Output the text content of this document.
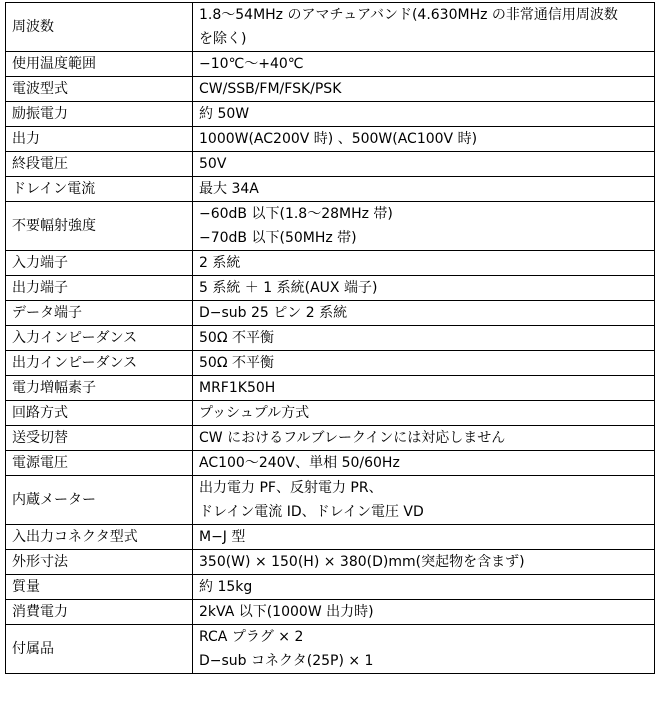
周波数	1.8～54MHz のアマチュアバンド(4.630MHz の非常通信用周波数
を除く)

使用温度範囲	−10℃～+40℃

電波型式	CW/SSB/FM/FSK/PSK

励振電力	約 50W

出力	1000W(AC200V 時) 、500W(AC100V 時)

終段電圧	50V

ドレイン電流	最大 34A

不要幅射強度	−60dB 以下(1.8～28MHz 帯)
−70dB 以下(50MHz 帯)

入力端子	2 系統

出力端子	5 系統 ＋ 1 系統(AUX 端子)

データ端子	D−sub 25 ピン 2 系統

入力インピーダンス	50Ω 不平衡

出力インピーダンス	50Ω 不平衡

電力増幅素子	MRF1K50H

回路方式	プッシュプル方式

送受切替	CW におけるフルブレークインには対応しません

電源電圧	AC100～240V、単相 50/60Hz

内蔵メーター	出力電力 PF、反射電力 PR、
ドレイン電流 ID、ドレイン電圧 VD

入出力コネクタ型式	M−J 型

外形寸法	350(W) × 150(H) × 380(D)mm(突起物を含まず)

質量	約 15kg

消費電力	2kVA 以下(1000W 出力時)

付属品	RCA プラグ × 2
D−sub コネクタ(25P) × 1
